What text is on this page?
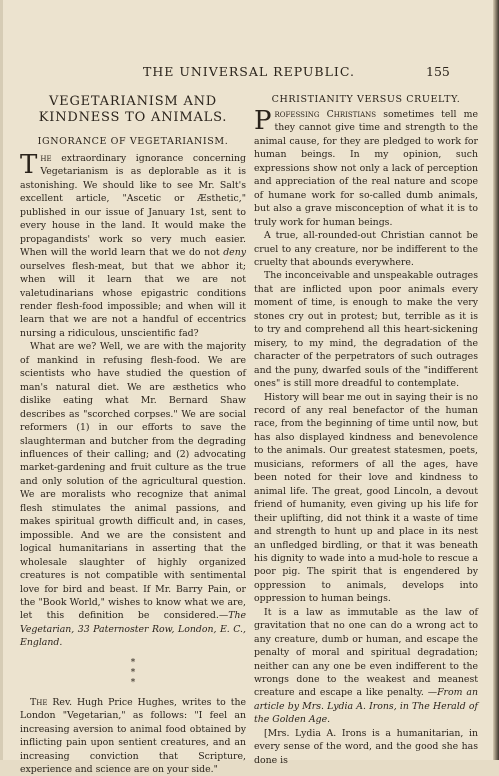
THE UNIVERSAL REPUBLIC.	155
VEGETARIANISM AND KINDNESS TO ANIMALS.
IGNORANCE OF VEGETARIANISM.

The extraordinary ignorance concerning Vegetarianism is as deplorable as it is astonishing. We should like to see Mr. Salt's excellent article, "Ascetic or Æsthetic," published in our issue of January 1st, sent to every house in the land. It would make the propagandists' work so very much easier. When will the world learn that we do not deny ourselves flesh-meat, but that we abhor it; when will it learn that we are not valetudinarians whose epigastric conditions render flesh-food impossible; and when will it learn that we are not a handful of eccentrics nursing a ridiculous, unscientific fad?

What are we? Well, we are with the majority of mankind in refusing flesh-food. We are scientists who have studied the question of man's natural diet. We are æsthetics who dislike eating what Mr. Bernard Shaw describes as "scorched corpses." We are social reformers (1) in our efforts to save the slaughterman and butcher from the degrading influences of their calling; and (2) advocating market-gardening and fruit culture as the true and only solution of the agricultural question. We are moralists who recognize that animal flesh stimulates the animal passions, and makes spiritual growth difficult and, in cases, impossible. And we are the consistent and logical humanitarians in asserting that the wholesale slaughter of highly organized creatures is not compatible with sentimental love for bird and beast. If Mr. Barry Pain, or the "Book World," wishes to know what we are, let this definition be considered.—The Vegetarian, 33 Paternoster Row, London, E. C., England.

*
*
*

The Rev. Hugh Price Hughes, writes to the London "Vegetarian," as follows: "I feel an increasing aversion to animal food obtained by inflicting pain upon sentient creatures, and an increasing conviction that Scripture, experience and science are on your side."

CHRISTIANITY VERSUS CRUELTY.

Professing Christians sometimes tell me they cannot give time and strength to the animal cause, for they are pledged to work for human beings. In my opinion, such expressions show not only a lack of perception and appreciation of the real nature and scope of humane work for so-called dumb animals, but also a grave misconception of what it is to truly work for human beings.

A true, all-rounded-out Christian cannot be cruel to any creature, nor be indifferent to the cruelty that abounds everywhere.

The inconceivable and unspeakable outrages that are inflicted upon poor animals every moment of time, is enough to make the very stones cry out in protest; but, terrible as it is to try and comprehend all this heart-sickening misery, to my mind, the degradation of the character of the perpetrators of such outrages and the puny, dwarfed souls of the "indifferent ones" is still more dreadful to contemplate.

History will bear me out in saying their is no record of any real benefactor of the human race, from the beginning of time until now, but has also displayed kindness and benevolence to the animals. Our greatest statesmen, poets, musicians, reformers of all the ages, have been noted for their love and kindness to animal life. The great, good Lincoln, a devout friend of humanity, even giving up his life for their uplifting, did not think it a waste of time and strength to hunt up and place in its nest an unfledged birdling, or that it was beneath his dignity to wade into a mud-hole to rescue a poor pig. The spirit that is engendered by oppression to animals, develops into oppression to human beings.

It is a law as immutable as the law of gravitation that no one can do a wrong act to any creature, dumb or human, and escape the penalty of moral and spiritual degradation; neither can any one be even indifferent to the wrongs done to the weakest and meanest creature and escape a like penalty. —From an article by Mrs. Lydia A. Irons, in The Herald of the Golden Age.

[Mrs. Lydia A. Irons is a humanitarian, in every sense of the word, and the good she has done is
